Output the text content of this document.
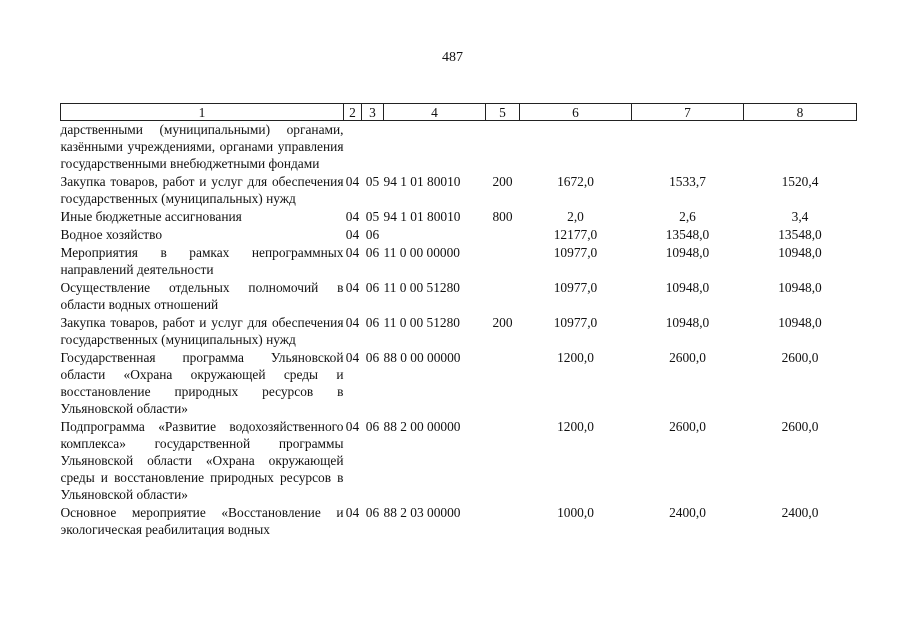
487
1	2	3	4	5	6	7	8
дарственными (муниципальными) органами, казёнными учреждениями, органами управления государственными внебюджетными фондами							
Закупка товаров, работ и услуг для обеспечения государственных (муниципальных) нужд	04	05	94 1 01 80010	200	1672,0	1533,7	1520,4
Иные бюджетные ассигнования	04	05	94 1 01 80010	800	2,0	2,6	3,4
Водное хозяйство	04	06			12177,0	13548,0	13548,0
Мероприятия в рамках непрограммных направлений деятельности	04	06	11 0 00 00000		10977,0	10948,0	10948,0
Осуществление отдельных полномочий в области водных отношений	04	06	11 0 00 51280		10977,0	10948,0	10948,0
Закупка товаров, работ и услуг для обеспечения государственных (муниципальных) нужд	04	06	11 0 00 51280	200	10977,0	10948,0	10948,0
Государственная программа Ульяновской области «Охрана окружающей среды и восстановление природных ресурсов в Ульяновской области»	04	06	88 0 00 00000		1200,0	2600,0	2600,0
Подпрограмма «Развитие водохозяйственного комплекса» государственной программы Ульяновской области «Охрана окружающей среды и восстановление природных ресурсов в Ульяновской области»	04	06	88 2 00 00000		1200,0	2600,0	2600,0
Основное мероприятие «Восстановление и экологическая реабилитация водных	04	06	88 2 03 00000		1000,0	2400,0	2400,0
